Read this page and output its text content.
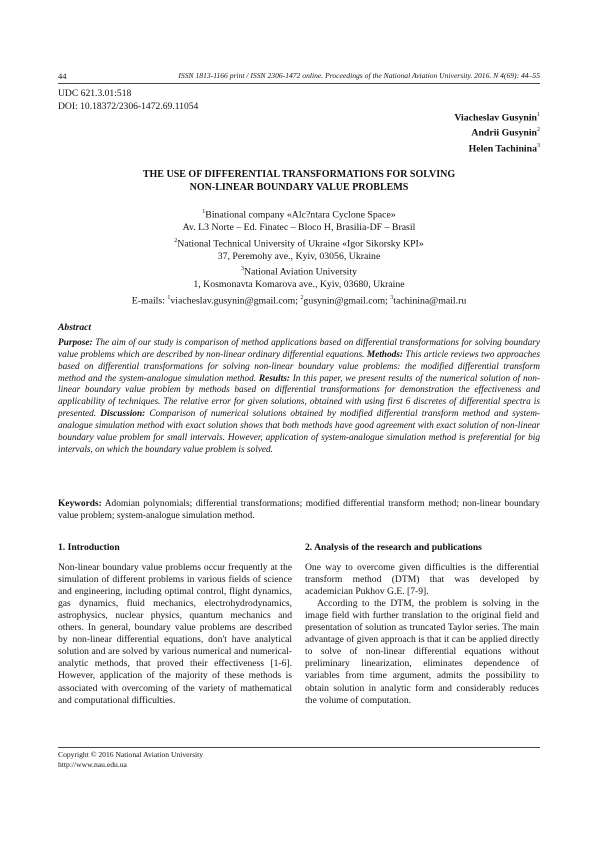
44	ISSN 1813-1166 print / ISSN 2306-1472 online. Proceedings of the National Aviation University. 2016. N 4(69): 44–55
UDC 621.3.01:518
DOI: 10.18372/2306-1472.69.11054
Viacheslav Gusynin$^1$
Andrii Gusynin$^2$
Helen Tachinina$^3$
THE USE OF DIFFERENTIAL TRANSFORMATIONS FOR SOLVING
NON-LINEAR BOUNDARY VALUE PROBLEMS
$^1$Binational company «Alc?ntara Cyclone Space»
Av. L3 Norte – Ed. Finatec – Bloco H, Brasilia-DF – Brasil
$^2$National Technical University of Ukraine «Igor Sikorsky KPI»
37, Peremohy ave., Kyiv, 03056, Ukraine
$^3$National Aviation University
1, Kosmonavta Komarova ave., Kyiv, 03680, Ukraine
E-mails: $^1$viacheslav.gusynin@gmail.com; $^2$gusynin@gmail.com; $^3$tachinina@mail.ru
Abstract
Purpose: The aim of our study is comparison of method applications based on differential transformations for solving boundary value problems which are described by non-linear ordinary differential equations. Methods: This article reviews two approaches based on differential transformations for solving non-linear boundary value problems: the modified differential transform method and the system-analogue simulation method. Results: In this paper, we present results of the numerical solution of non-linear boundary value problem by methods based on differential transformations for demonstration the effectiveness and applicability of techniques. The relative error for given solutions, obtained with using first 6 discretes of differential spectra is presented. Discussion: Comparison of numerical solutions obtained by modified differential transform method and system-analogue simulation method with exact solution shows that both methods have good agreement with exact solution of non-linear boundary value problem for small intervals. However, application of system-analogue simulation method is preferential for big intervals, on which the boundary value problem is solved.
Keywords: Adomian polynomials; differential transformations; modified differential transform method; non-linear boundary value problem; system-analogue simulation method.
1. Introduction

Non-linear boundary value problems occur frequently at the simulation of different problems in various fields of science and engineering, including optimal control, flight dynamics, gas dynamics, fluid mechanics, electrohydrodynamics, astrophysics, nuclear physics, quantum mechanics and others. In general, boundary value problems are described by non-linear differential equations, don't have analytical solution and are solved by various numerical and numerical-analytic methods, that proved their effectiveness [1-6]. However, application of the majority of these methods is associated with overcoming of the variety of mathematical and computational difficulties.

2. Analysis of the research and publications

One way to overcome given difficulties is the differential transform method (DTM) that was developed by academician Pukhov G.E. [7-9].

According to the DTM, the problem is solving in the image field with further translation to the original field and presentation of solution as truncated Taylor series. The main advantage of given approach is that it can be applied directly to solve of non-linear differential equations without preliminary linearization, eliminates dependence of variables from time argument, admits the possibility to obtain solution in analytic form and considerably reduces the volume of computation.

Copyright © 2016 National Aviation University
http://www.nau.edu.ua
